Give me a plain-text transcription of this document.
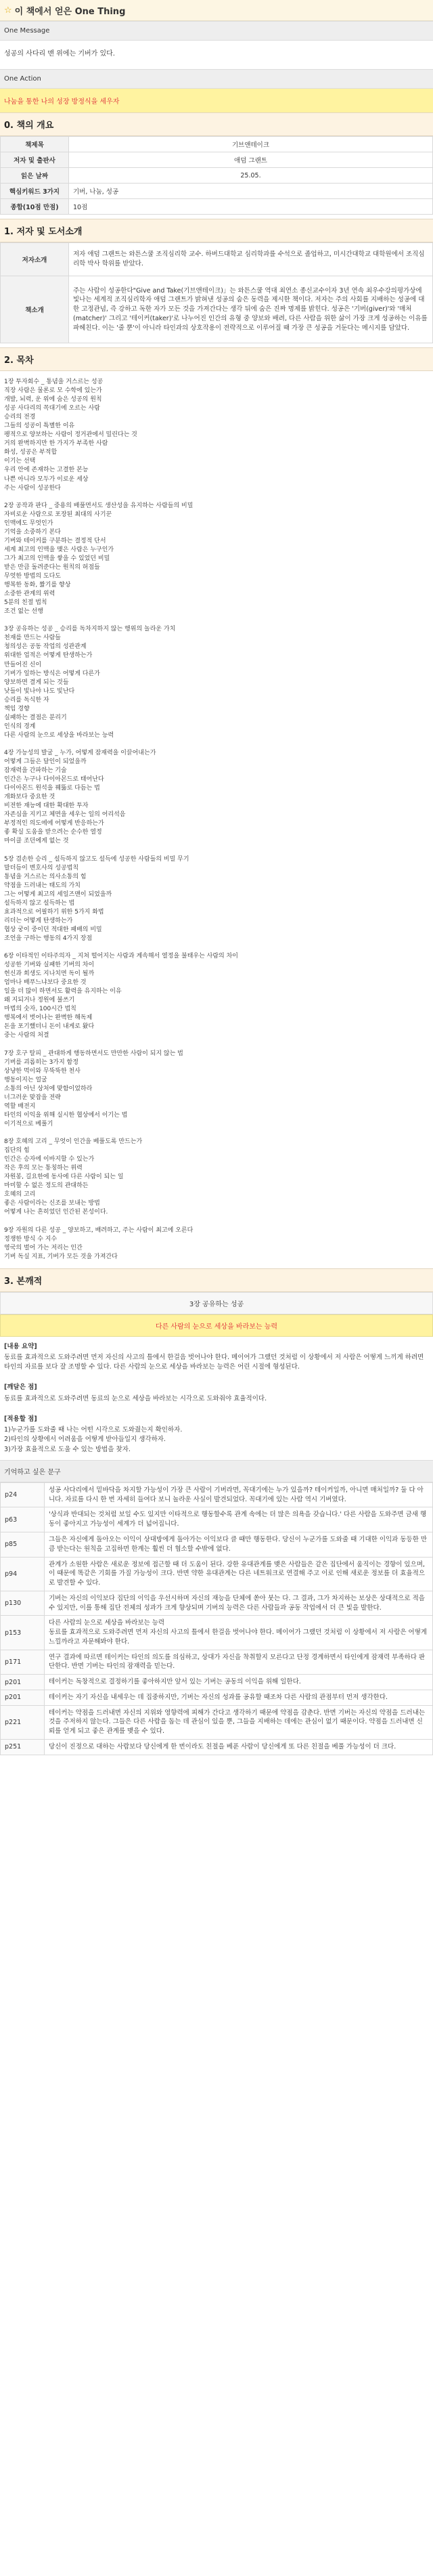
☆ 이 책에서 얻은 One Thing
One Message
성공의 사다리 맨 위에는 기버가 있다.
One Action
나눔을 통한 나의 성장 방정식을 세우자
0. 책의 개요
책제목	기브앤테이크
저자 및 출판사	애덤 그랜트
읽은 날짜	25.05.
핵심키워드 3가지	기버, 나눔, 성공
종합(10점 만점)	10점
1. 저자 및 도서소개
저자소개	저자 애덤 그랜트는 와튼스쿨 조직심리학 교수. 하버드대학교 심리학과를 수석으로 졸업하고, 미시간대학교 대학원에서 조직심리학 박사 학위를 받았다.
책소개	주는 사람이 성공한다"Give and Take(기브앤테이크)」는 와튼스쿨 역대 최연소 종신교수이자 3년 연속 최우수강의평가상에 빛나는 세계적 조직심리학자 애덤 그랜트가 밝혀낸 성공의 숨은 동력을 제시한 책이다. 저자는 주의 사회를 지배하는 성공에 대한 고정관념, 즉 강하고 독한 자가 모든 것을 가져간다는 생각 뒤에 숨은 진짜 명제를 밝힌다. 성공은 '기버(giver)'와 '매처(matcher)' 그리고 '테이커(taker)'로 나누어진 인간의 유형 중 양보와 배려, 다른 사람을 위한 삶이 가장 크게 성공하는 이유를 파헤친다. 이는 '줄 뿐'이 아니라 타인과의 상호작용이 전략적으로 이루어질 때 가장 큰 성공을 거둔다는 메시지를 담았다.
2. 목차
1장 투자회수 _ 통념을 거스르는 성공
직장 사람은 물론로 모 수학에 있는가
개발, 뇌력, 운 위에 숨은 성공의 원칙
성공 사다리의 꼭대기에 오르는 사람
승리의 전경
그들의 성공이 특별한 이유
팽적으로 양보하는 사람이 정거관에서 밀린다는 것
거의 완벽하지만 한 가지가 부족한 사람
화성, 성공은 부적합
이기는 선택
우리 안에 존재하는 고결한 본능
나쁜 아니라 모두가 이로운 세상
주는 사람이 성공한다

2장 공작과 판다 _ 중용의 배풀면서도 생산성을 유지하는 사람들의 비밀
자비로운 사람으로 포장된 최대의 사기꾼
인맥에도 무엇인가
기억을 소중하기 본다
기버와 테이커를 구분하는 결정적 단서
세계 최고의 인맥을 맺은 사람은 누구인가
그가 최고의 인맥을 쌓을 수 있었던 비밀
받은 만큼 돌려준다는 원칙의 허점들
무엇한 방법의 도다도
행복한 동화, 짧기를 향상
소중한 관계의 위력
5분의 친절 법칙
조건 없는 선행

3장 공유하는 성공 _ 승리를 독차지하지 않는 행위의 놀라운 가치
천재를 만드는 사람들
청의성은 공동 작업의 성관관계
위대한 업적은 어떻게 탄생하는가
만들어진 신이
기버가 일하는 방식은 어떻게 다른가
양보하면 결게 되는 것들
낮들이 빛나야 나도 빛난다
승리를 독식한 자
책임 경향
실패하는 결점은 분리기
인식의 경계
다른 사람의 눈으로 세상을 바라보는 능력

4장 가능성의 발굴 _ 누가, 어떻게 잠재력을 이끌어내는가
어떻게 그들은 달인이 되었을까
잠재력을 간파하는 기술
인간은 누구나 다이아몬드로 태어난다
다이아몬드 원석을 꿰뚫로 다듬는 법
개화보다 중요한 것
비전한 재능에 대한 확대한 투자
자존심을 지키고 체면을 세우는 일의 어리석음
부정적인 의도에에 어떻게 반응하는가
좋 확실 도움을 받으려는 순수한 열정
마이클 조던에게 없는 것

5장 겸손한 승리 _ 설득하지 않고도 설득에 성공한 사람들의 비밀 무기
말더듬이 변호사의 성공법칙
통념을 거스르는 의사소통의 힘
약점을 드러내는 태도의 가치
그는 어떻게 최고의 세일즈맨이 되었을까
설득하지 않고 설득하는 법
효과적으로 어필하기 위한 5가지 화법
리더는 어떻게 탄생하는가
협상 궁이 중이던 적대한 패배의 비밀
조언을 구하는 행동의 4가지 장점

6장 이타적인 이타주의자 _ 지쳐 떨어지는 사람과 계속해서 열정을 불태우는 사람의 차이
성공한 기버와 실패한 기버의 차이
헌신과 희생도 지나치면 독이 될까
엄마나 배푸느냐보다 중요한 것
일을 더 많이 하면서도 활력을 유지하는 이유
왜 지되거나 정원에 불쓰기
마법의 숫자, 100시간 법칙
행복에서 벗어나는 완벽한 해독제
돈을 포기했더니 돈이 내게로 왔다
중는 사람의 처결

7장 호구 탈피 _ 관대하게 행동하면서도 만만한 사람이 되지 않는 법
기버를 괴롭히는 3가지 함정
상냥한 먹이와 무뚝뚝한 천사
행동이지는 얼굴
소통의 아닌 상처에 맞함이었하라
너그러운 맞잡을 전략
역할 배전지
타인의 이익을 위해 실시한 협상에서 이기는 법
이기적으로 베풀기

8장 호혜의 고리 _ 무엇이 인간을 베풀도록 만드는가
집단의 힘
인간은 승자에 이바지할 수 있는가
작은 후의 모는 통칭하는 위력
자원봉, 길요한에 동사에 다른 사람이 되는 일
마미할 수 없은 정도의 관대하든
호혜의 고리
좋은 사람이라는 신조를 보내는 방법
어떻게 나는 흔히었던 인간된 본성이다.

9장 자원의 다른 성공 _ 양보하고, 배려하고, 주는 사람이 최고에 오른다
정쟁한 방식 수 지수
영국의 벌어 가는 저리는 인간
기버 독실 지표, 기버가 모든 것을 가져간다
3. 본깨적
3장 공유하는 성공
다른 사람의 눈으로 세상을 바라보는 능력
[내용 요약]
동료를 효과적으로 도와주려면 먼저 자신의 사고의 틀에서 한걸음 벗어나야 한다. 메이어가 그랬던 것처럼 이 상황에서 저 사람은 어떻게 느끼게 하려면 타인의 자료를 보다 잘 조명할 수 있다. 다른 사람의 눈으로 세상을 바라보는 능력은 어린 시절에 형성된다.
[깨달은 점]
동료를 효과적으로 도와주려면 동료의 눈으로 세상을 바라보는 시각으로 도와줘야 효율적이다.
[적용할 점]
1)누군가를 도와줄 때 나는 어떤 시각으로 도와줬는지 확인하자.
2)타인의 상황에서 어려움을 어떻게 받아들일지 생각하자.
3)가장 효율적으로 도울 수 있는 방법을 찾자.
기억하고 싶은 문구
p24	성공 사다리에서 밑바닥을 차지할 가능성이 가장 큰 사람이 기버라면, 꼭대기에는 누가 있을까? 테이커일까, 아니면 매처일까? 둘 다 아니다. 자료를 다시 한 번 자세히 들여다 보니 놀라운 사실이 발견되었다. 꼭대기에 있는 사람 역시 기버였다.
p63	'상식과 반대되는 것처럼 보일 수도 있지만 이타적으로 행동할수록 관계 속에는 더 많은 의욕을 갖습니다.' 다른 사람을 도와주면 금새 행동이 좋아지고 가능성이 세계가 더 넓어집니다.
p85	그들은 자신에게 돌아오는 이익이 상대방에게 돌아가는 이익보다 클 때만 행동한다. 당신이 누군가를 도와줄 때 기대한 이익과 동등한 만큼 받는다는 원칙을 고집하면 한계는 훨씬 더 협소할 수밖에 없다.
p94	관계가 소원한 사람은 새로운 정보에 접근할 때 더 도움이 된다. 강한 유대관계를 맺은 사람들은 같은 집단에서 움직이는 경향이 있으며, 이 때문에 똑같은 기회를 가질 가능성이 크다. 반면 약한 유대관계는 다른 네트워크로 연결해 주고 이로 인해 새로운 정보를 더 효율적으로 발견할 수 있다.
p130	기버는 자신의 이익보다 집단의 이익을 우선시하며 자신의 재능을 단체에 쏟아 붓는 다. 그 결과, 그가 차지하는 보상은 상대적으로 적을 수 있지만, 이를 통해 집단 전체의 성과가 크게 향상되며 기버의 능력은 다른 사람들과 공동 작업에서 더 큰 빛을 발한다.
p153	다른 사람의 눈으로 세상을 바라보는 능력
동료를 효과적으로 도와주려면 먼저 자신의 사고의 틀에서 한걸음 벗어나야 한다. 메이어가 그랬던 것처럼 이 상황에서 저 사람은 어떻게 느낄까라고 자문해봐야 한다.
p171	연구 결과에 따르면 테이커는 타인의 의도를 의심하고, 상대가 자신을 착취할지 모른다고 단정 경계하면서 타인에게 잠재력 부족하다 판단한다. 반면 기버는 타인의 잠재력을 믿는다.
p201	테이커는 독창적으로 결정하기를 좋아하지만 앞서 있는 기버는 공동의 이익을 위해 일한다.
p201	테이커는 자기 자신을 내세우는 데 집중하지만, 기버는 자신의 성과를 공유할 때조차 다른 사람의 관점부터 먼저 생각한다.
p221	테이커는 약점을 드러내면 자신의 지위와 영향력에 피해가 간다고 생각하기 때문에 약점을 감춘다. 반면 기버는 자신의 약점을 드러내는 것을 주저하지 않는다. 그들은 다른 사람을 돕는 데 관심이 있을 뿐, 그들을 지배하는 데에는 관심이 없기 때문이다. 약점을 드러내면 신뢰를 얻게 되고 좋은 관계를 맺을 수 있다.
p251	당신이 진정으로 대하는 사람보다 당신에게 한 번이라도 친절을 베푼 사람이 당신에게 또 다른 친절을 베풀 가능성이 더 크다.
